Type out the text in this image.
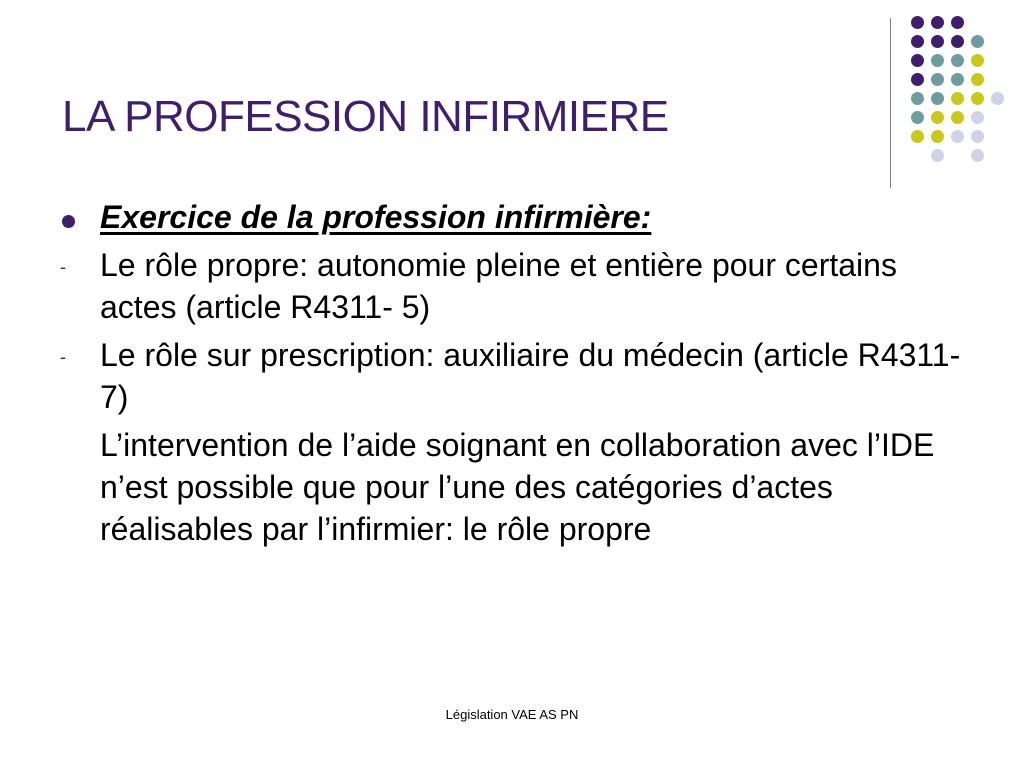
LA PROFESSION INFIRMIERE
Exercice de la profession infirmière:
- Le rôle propre: autonomie pleine et entière pour certains actes (article R4311- 5)
- Le rôle sur prescription: auxiliaire du médecin (article R4311-7)
L’intervention de l’aide soignant en collaboration avec l’IDE n’est possible que pour l’une des catégories d’actes réalisables par l’infirmier: le rôle propre
Législation VAE AS PN
